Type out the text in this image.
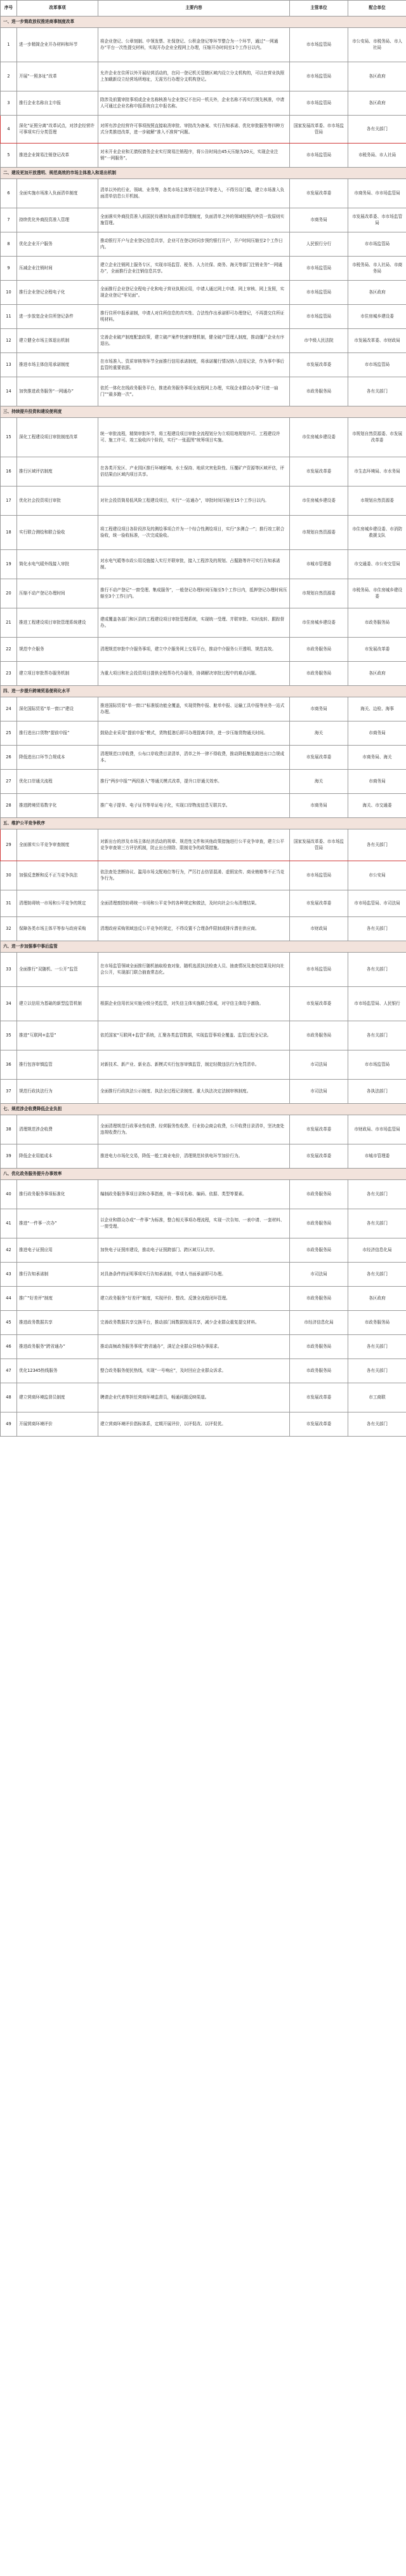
序号	改革事项	主要内容	主管单位	配合单位
一、进一步简政放权推进商事制度改革				
1	进一步精简企业开办材料和环节	将企业登记、公章刻制、申领发票、社保登记、公积金登记等环节整合为一个环节，通过“一网通办”平台一次性提交材料，实现开办企业全程网上办理，压缩开办时间至1个工作日以内。	市市场监管局	市公安局、市税务局、市人社局
2	开展“一照多址”改革	允许企业在住所以外开展经营活动的，在同一登记机关管辖区域内设立分支机构的，可以在营业执照上加载新设立经营场所地址，无需另行办理分支机构登记。	市市场监管局	各区政府
3	推行企业名称自主申报	除涉及前置审批事项或企业名称核准与企业登记不在同一机关外，企业名称不再实行预先核准，申请人可通过企业名称申报系统自主申报名称。	市市场监管局	各区政府
4	深化“证照分离”改革试点，对涉企经营许可事项实行分类管理	对所有涉企经营许可事项按照直接取消审批、审批改为备案、实行告知承诺、优化审批服务等四种方式分类推进改革，进一步破解“准入不准营”问题。	国家发展改革委、市市场监管局	各有关部门
5	推进企业简易注销登记改革	对未开业企业和无债权债务企业实行简易注销程序，将公告时间由45天压缩为20天，实现企业注销“一网服务”。	市市场监管局	市税务局、市人社局
二、建设更加开放透明、规范高效的市场主体准入和退出机制				
6	全面实施市场准入负面清单制度	清单以外的行业、领域、业务等，各类市场主体皆可依法平等进入，不得另设门槛，建立市场准入负面清单信息公开机制。	市发展改革委	市商务局、市市场监管局
7	持续优化外商投资准入管理	全面落实外商投资准入前国民待遇加负面清单管理制度，负面清单之外的领域按照内外资一致原则实施管理。	市商务局	市发展改革委、市市场监管局
8	优化企业开户服务	推动银行开户与企业登记信息共享，企业可在登记时同步预约银行开户，开户时间压缩至2个工作日内。	人民银行分行	市市场监管局
9	压减企业注销时间	建立企业注销网上服务专区，实现市场监管、税务、人力社保、商务、海关等部门注销业务“一网通办”，全面推行企业注销信息共享。	市市场监管局	市税务局、市人社局、市商务局
10	推行企业登记全程电子化	全面推行企业登记全程电子化和电子营业执照应用，申请人通过网上申请、网上审核、网上发照，实现企业登记“零见面”。	市市场监管局	各区政府
11	进一步放宽企业住所登记条件	推行住所申报承诺制，申请人对住所信息的真实性、合法性作出承诺即可办理登记，不再提交住所证明材料。	市市场监管局	市住房城乡建设委
12	建立健全市场主体退出机制	完善企业破产制度配套政策，建立破产案件快速审理机制，健全破产管理人制度，推动僵尸企业有序退出。	市中级人民法院	市发展改革委、市财政局
13	推进市场主体信用承诺制度	在市场准入、资质审核等环节全面推行信用承诺制度，将承诺履行情况纳入信用记录，作为事中事后监管的重要依据。	市发展改革委	市市场监管局
14	加快推进政务服务“一网通办”	依托一体化在线政务服务平台，推进政务服务事项全流程网上办理，实现企业群众办事“只进一扇门”“最多跑一次”。	市政务服务局	各有关部门
三、持续提升投资和建设便利度				
15	深化工程建设项目审批制度改革	统一审批流程，精简审批环节，将工程建设项目审批全流程划分为立项用地规划许可、工程建设许可、施工许可、竣工验收四个阶段，实行“一张蓝图”统筹项目实施。	市住房城乡建设委	市规划自然资源委、市发展改革委
16	推行区域评估制度	在各类开发区、产业园区推行环境影响、水土保持、地质灾害危险性、压覆矿产资源等区域评估，评估结果由区域内项目共享。	市发展改革委	市生态环境局、市水务局
17	优化社会投资项目审批	对社会投资简易低风险工程建设项目，实行“一站通办”，审批时间压缩至15个工作日以内。	市住房城乡建设委	市规划自然资源委
18	实行联合测绘和联合验收	将工程建设项目各阶段涉及的测绘事项合并为一个综合性测绘项目，实行“多测合一”；推行竣工联合验收，统一验收标准，一次完成验收。	市规划自然资源委	市住房城乡建设委、市消防救援支队
19	简化水电气暖外线接入审批	对水电气暖等市政公用设施接入实行并联审批，接入工程涉及的规划、占掘路等许可实行告知承诺制。	市城市管理委	市交通委、市公安交管局
20	压缩不动产登记办理时间	推行不动产登记“一窗受理、集成服务”，一般登记办理时间压缩至5个工作日内，抵押登记办理时间压缩至3个工作日内。	市规划自然资源委	市税务局、市住房城乡建设委
21	推进工程建设项目审批管理系统建设	建成覆盖各部门和区县的工程建设项目审批管理系统，实现统一受理、并联审批、实时流转、跟踪督办。	市住房城乡建设委	市政务服务局
22	规范中介服务	清理规范审批中介服务事项，建立中介服务网上交易平台，推动中介服务公开透明、规范高效。	市政务服务局	市发展改革委
23	建立项目审批帮办服务机制	为重大项目和社会投资项目提供全程帮办代办服务，协调解决审批过程中的难点问题。	市政务服务局	各区政府
四、进一步提升跨境贸易便利化水平				
24	深化国际贸易“单一窗口”建设	推进国际贸易“单一窗口”标准版功能全覆盖，实现货物申报、舱单申报、运输工具申报等业务一站式办理。	市商务局	海关、边检、海事
25	推行进出口货物“提前申报”	鼓励企业采用“提前申报”模式，货物抵港后即可办理提离手续，进一步压缩货物通关时间。	海关	市商务局
26	降低进出口环节合规成本	清理规范口岸收费，公布口岸收费目录清单，清单之外一律不得收费，推动降低集装箱进出口合规成本。	市发展改革委	市商务局、海关
27	优化口岸通关流程	推行“两步申报”“两段准入”等通关模式改革，提升口岸通关效率。	海关	市商务局
28	推进跨境贸易数字化	推广电子提单、电子证书等单证电子化，实现口岸物流信息互联共享。	市商务局	海关、市交通委
五、维护公平竞争秩序				
29	全面落实公平竞争审查制度	对新出台的涉及市场主体经济活动的规章、规范性文件和其他政策措施进行公平竞争审查，建立公平竞争审查第三方评估机制，防止出台排除、限制竞争的政策措施。	国家发展改革委、市市场监管局	各有关部门
30	加强反垄断和反不正当竞争执法	依法查处垄断协议、滥用市场支配地位等行为，严厉打击仿冒混淆、虚假宣传、商业贿赂等不正当竞争行为。	市市场监管局	市公安局
31	清理妨碍统一市场和公平竞争的规定	全面清理废除妨碍统一市场和公平竞争的各种规定和做法，及时向社会公布清理结果。	市发展改革委	市市场监管局、市司法局
32	保障各类市场主体平等参与政府采购	清理政府采购领域违反公平竞争的规定，不得设置不合理条件限制或排斥潜在供应商。	市财政局	各有关部门
六、进一步加强事中事后监管				
33	全面推行“双随机、一公开”监管	在市场监管领域全面推行随机抽取检查对象、随机选派执法检查人员、抽查情况及查处结果及时向社会公开，实现部门联合抽查常态化。	市市场监管局	各有关部门
34	建立以信用为基础的新型监管机制	根据企业信用状况实施分级分类监管，对失信主体实施联合惩戒，对守信主体给予激励。	市发展改革委	市市场监管局、人民银行
35	推进“互联网+监管”	依托国家“互联网+监管”系统，汇聚各类监管数据，实现监管事项全覆盖、监管过程全记录。	市政务服务局	各有关部门
36	推行包容审慎监管	对新技术、新产业、新业态、新模式实行包容审慎监管，制定轻微违法行为免罚清单。	市司法局	市市场监管局
37	规范行政执法行为	全面推行行政执法公示制度、执法全过程记录制度、重大执法决定法制审核制度。	市司法局	各执法部门
七、规范涉企收费降低企业负担				
38	清理规范涉企收费	全面清理规范行政事业性收费、经营服务性收费、行业协会商会收费，公开收费目录清单，坚决查处违规收费行为。	市发展改革委	市财政局、市市场监管局
39	降低企业用能成本	推进电力市场化交易，降低一般工商业电价，清理规范转供电环节加价行为。	市发展改革委	市城市管理委
八、优化政务服务提升办事效率				
40	推行政务服务事项标准化	编制政务服务事项目录和办事指南，统一事项名称、编码、依据、类型等要素。	市政务服务局	各有关部门
41	推进“一件事一次办”	以企业和群众办成“一件事”为标准，整合相关事项办理流程，实现一次告知、一表申请、一套材料、一窗受理。	市政务服务局	各有关部门
42	推进电子证照应用	加快电子证照库建设，推动电子证照跨部门、跨区域互认共享。	市政务服务局	市经济信息化局
43	推行告知承诺制	对具备条件的证明事项实行告知承诺制，申请人书面承诺即可办理。	市司法局	各有关部门
44	推广“好差评”制度	建立政务服务“好差评”制度，实现评价、整改、反馈全流程闭环管理。	市政务服务局	各区政府
45	推进政务数据共享	完善政务数据共享交换平台，推动部门间数据按需共享，减少企业群众重复提交材料。	市经济信息化局	市政务服务局
46	推进政务服务“跨省通办”	推动高频政务服务事项“跨省通办”，满足企业群众异地办事需求。	市政务服务局	各有关部门
47	优化12345热线服务	整合政务服务便民热线，实现“一号响应”，及时回应企业群众诉求。	市政务服务局	各有关部门
48	建立营商环境监督员制度	聘请企业代表等担任营商环境监督员，畅通问题反映渠道。	市发展改革委	市工商联
49	开展营商环境评价	建立营商环境评价指标体系，定期开展评价，以评促改、以评促优。	市发展改革委	各有关部门
